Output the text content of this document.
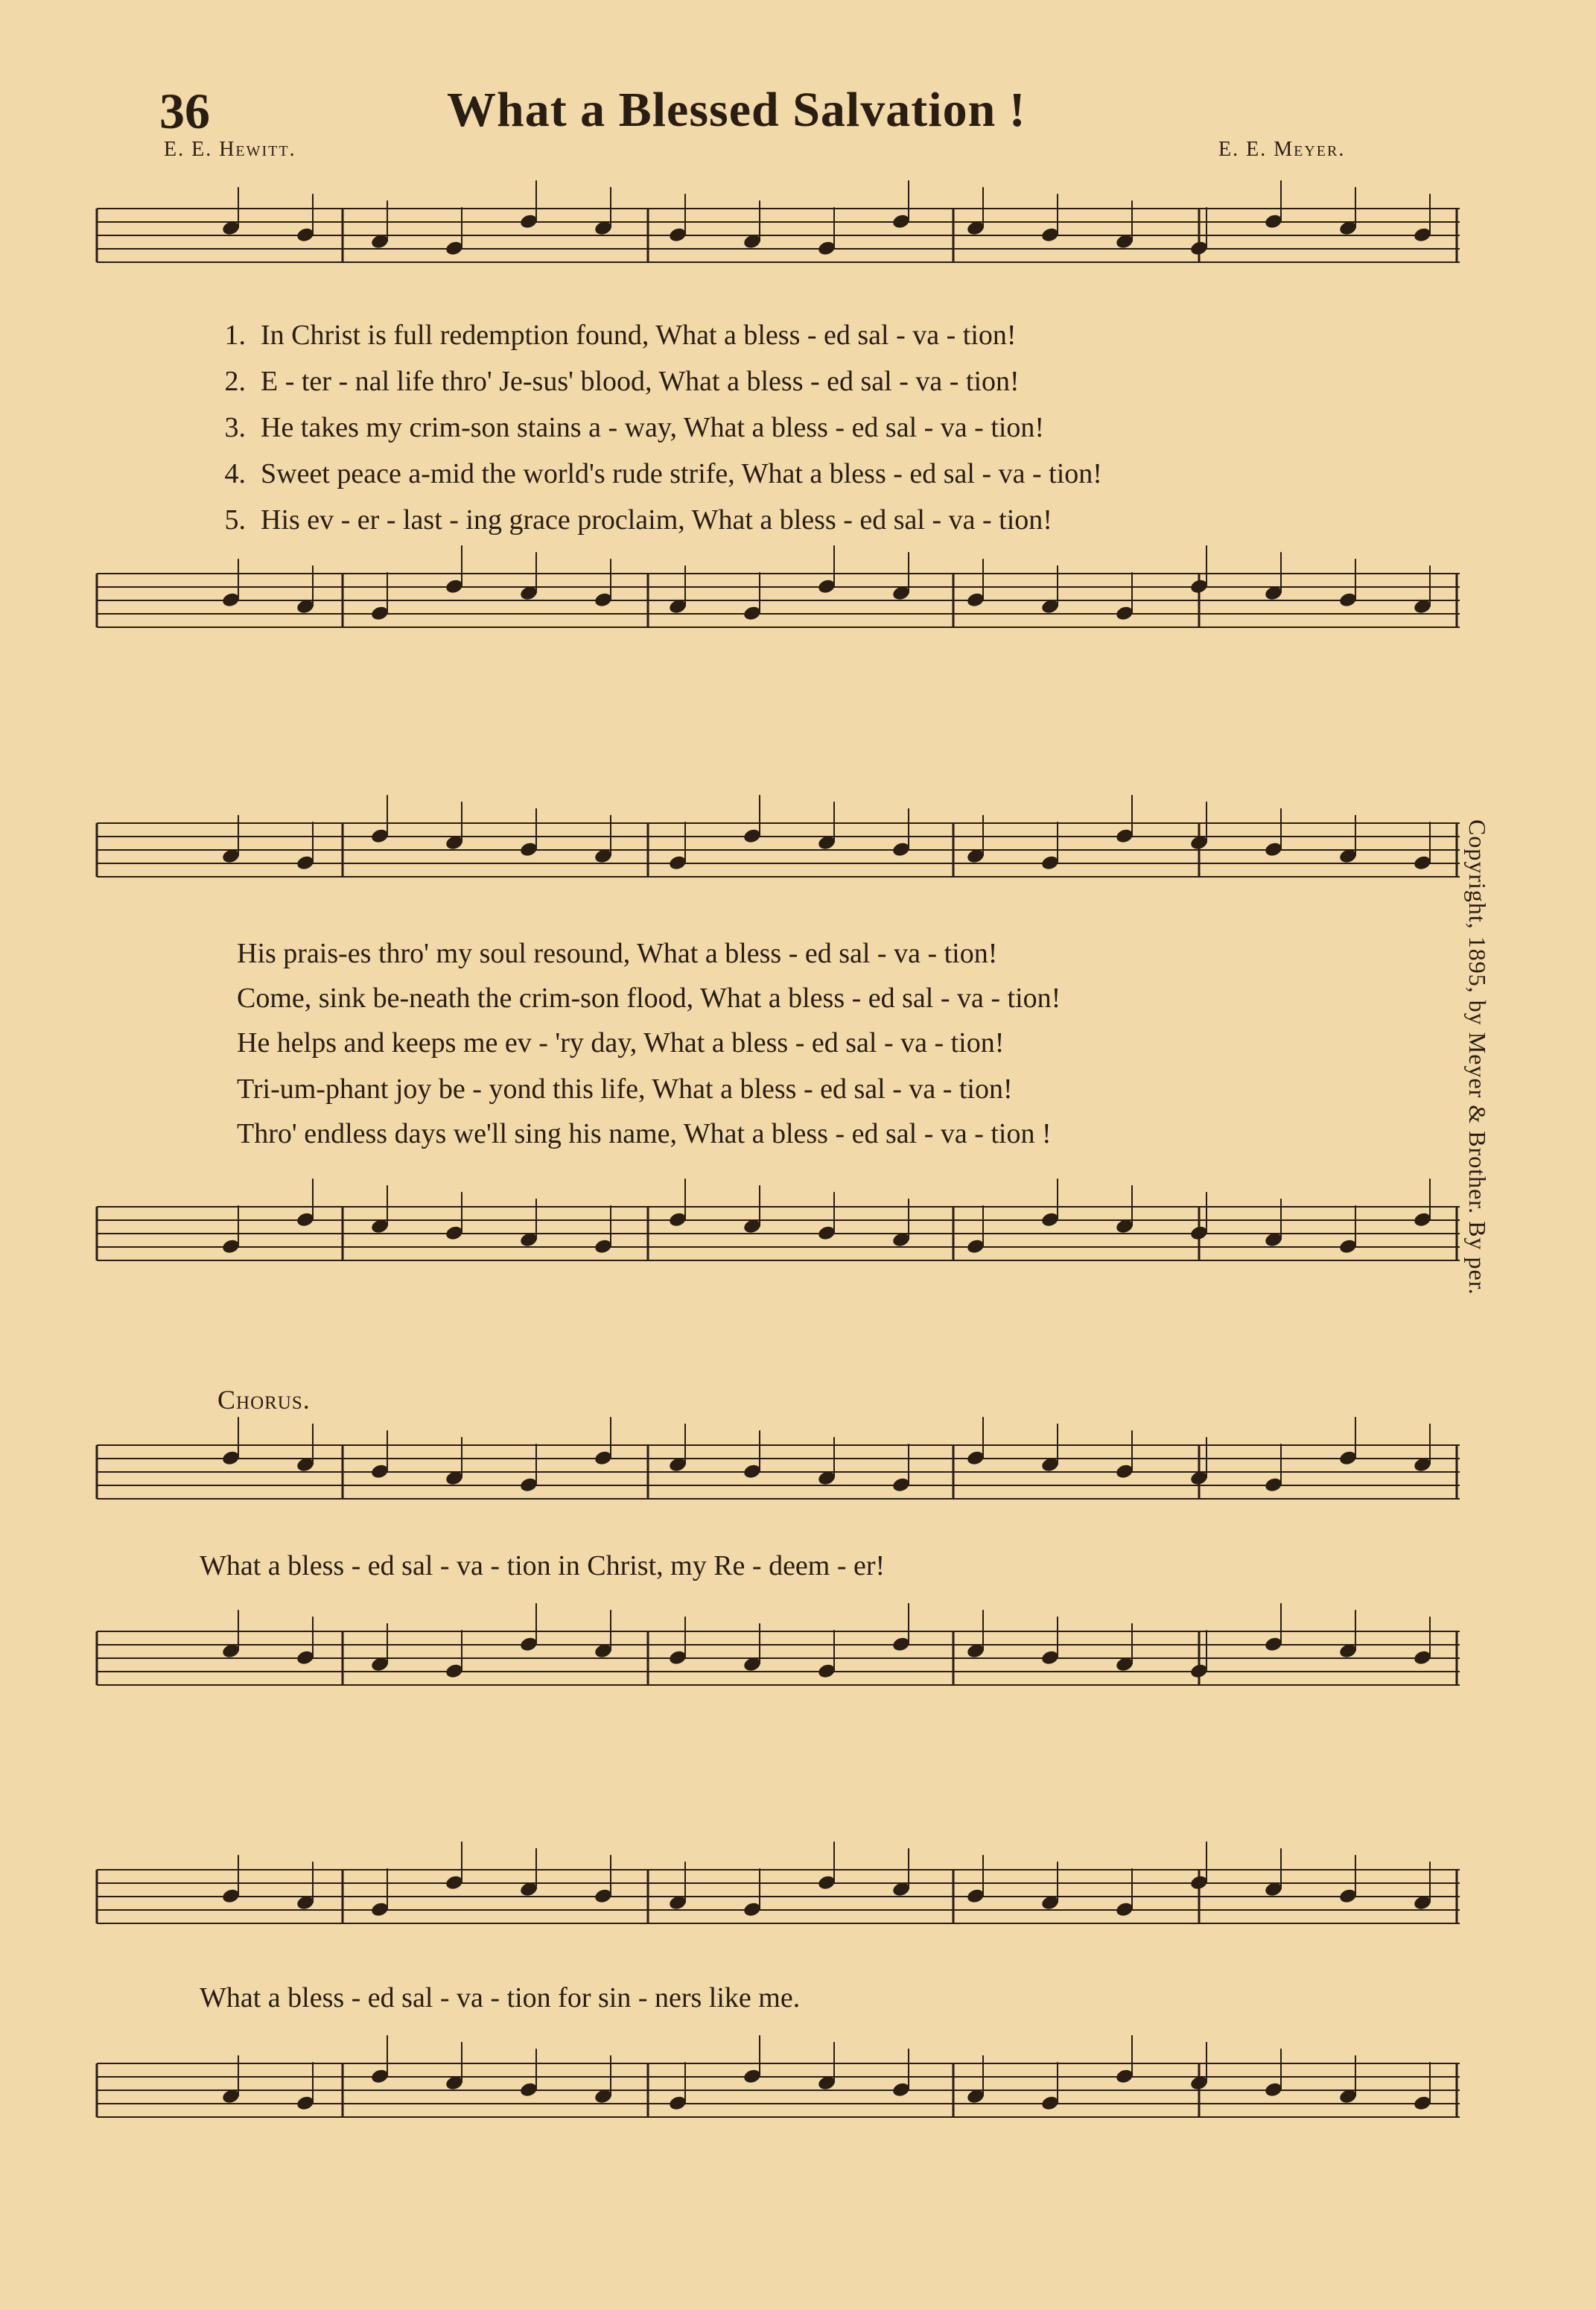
36	What a Blessed Salvation !
E. E. Hewitt.	E. E. Meyer.
1. In Christ is full redemption found, What a bless - ed sal - va - tion!
2. E - ter - nal life thro' Je-sus' blood, What a bless - ed sal - va - tion!
3. He takes my crim-son stains a - way, What a bless - ed sal - va - tion!
4. Sweet peace a-mid the world's rude strife, What a bless - ed sal - va - tion!
5. His ev - er - last - ing grace proclaim, What a bless - ed sal - va - tion!
His prais-es thro' my soul resound, What a bless - ed sal - va - tion!
Come, sink be-neath the crim-son flood, What a bless - ed sal - va - tion!
He helps and keeps me ev - 'ry day, What a bless - ed sal - va - tion!
Tri-um-phant joy be - yond this life, What a bless - ed sal - va - tion!
Thro' endless days we'll sing his name, What a bless - ed sal - va - tion !
Chorus.
What a bless - ed sal - va - tion in Christ, my Re - deem - er!
What a bless - ed sal - va - tion for sin - ners like me.
Copyright, 1895, by Meyer & Brother. By per.
